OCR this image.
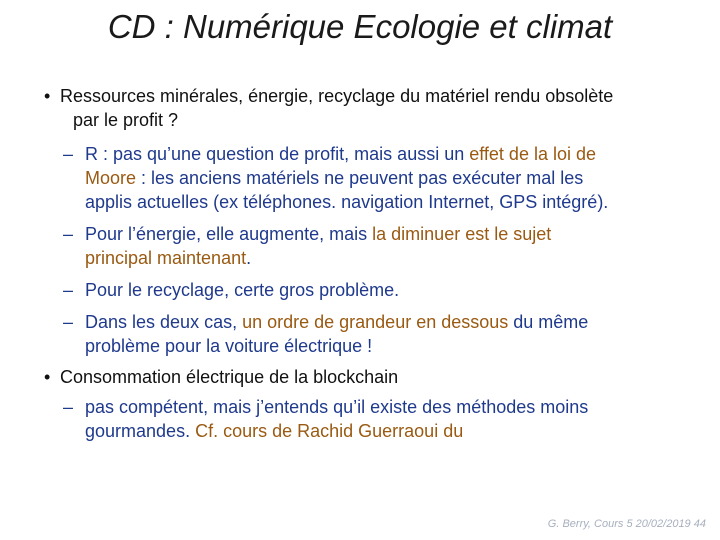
CD : Numérique Ecologie et climat
• Ressources minérales, énergie, recyclage du matériel rendu obsolète
par le profit ?
– R : pas qu’une question de profit, mais aussi un effet de la loi de
Moore : les anciens matériels ne peuvent pas exécuter mal les
applis actuelles (ex téléphones. navigation Internet, GPS intégré).
– Pour l’énergie, elle augmente, mais la diminuer est le sujet
principal maintenant.
– Pour le recyclage, certe gros problème.
– Dans les deux cas, un ordre de grandeur en dessous du même
problème pour la voiture électrique !
• Consommation électrique de la blockchain
– pas compétent, mais j’entends qu’il existe des méthodes moins
gourmandes. Cf. cours de Rachid Guerraoui du
G. Berry, Cours 5 20/02/2019 44
